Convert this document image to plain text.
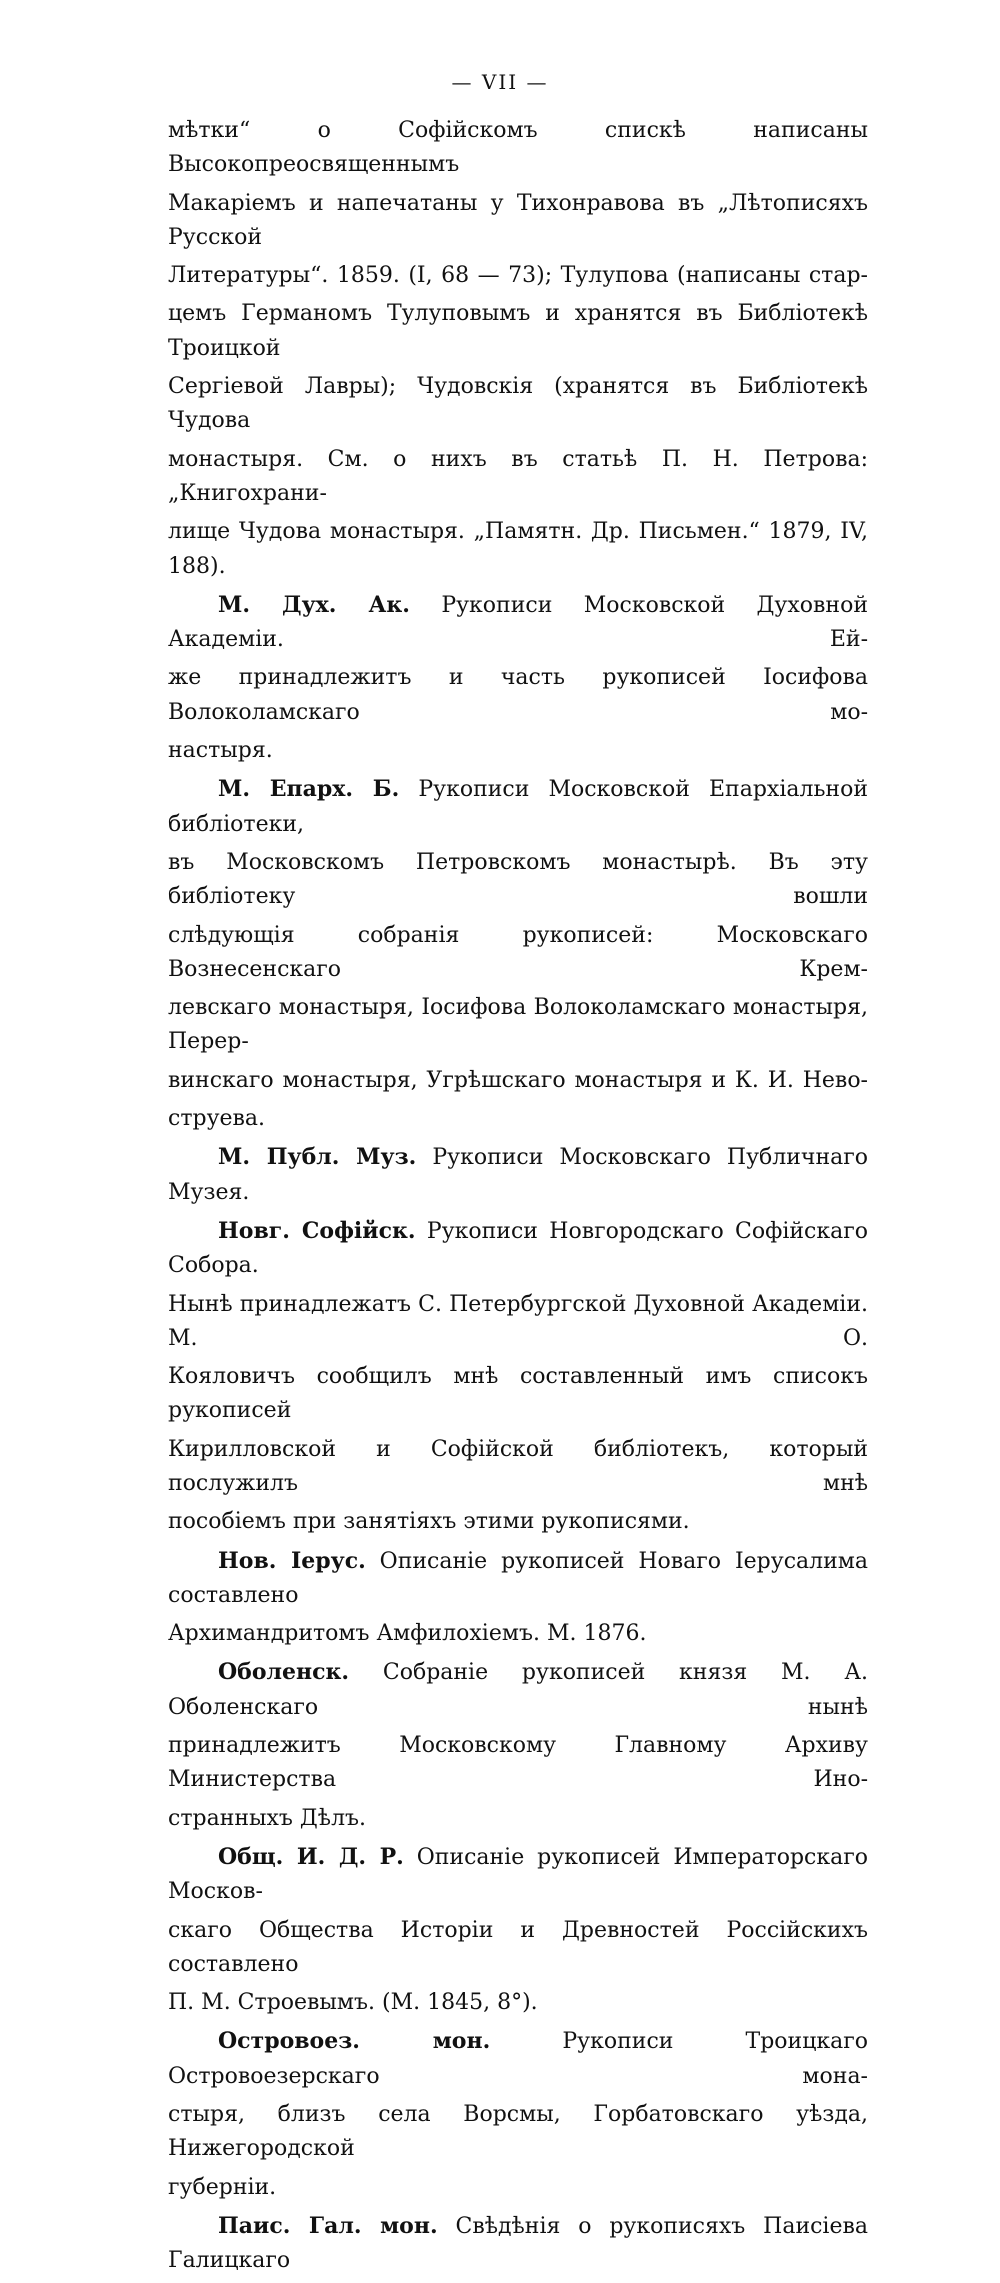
— VII —
мѣтки“ о Софійскомъ спискѣ написаны Высокопреосвященнымъ
Макаріемъ и напечатаны у Тихонравова въ „Лѣтописяхъ Русской
Литературы“. 1859. (I, 68 — 73); Тулупова (написаны стар-
цемъ Германомъ Тулуповымъ и хранятся въ Библіотекѣ Троицкой
Сергіевой Лавры); Чудовскія (хранятся въ Библіотекѣ Чудова
монастыря. См. о нихъ въ статьѣ П. Н. Петрова: „Книгохрани-
лище Чудова монастыря. „Памятн. Др. Письмен.“ 1879, IV, 188).
М. Дух. Ак. Рукописи Московской Духовной Академіи. Ей-
же принадлежитъ и часть рукописей Іосифова Волоколамскаго мо-
настыря.
М. Епарх. Б. Рукописи Московской Епархіальной библіотеки,
въ Московскомъ Петровскомъ монастырѣ. Въ эту библіотеку вошли
слѣдующія собранія рукописей: Московскаго Вознесенскаго Крем-
левскаго монастыря, Іосифова Волоколамскаго монастыря, Перер-
винскаго монастыря, Угрѣшскаго монастыря и К. И. Нево-
струева.
М. Публ. Муз. Рукописи Московскаго Публичнаго Музея.
Новг. Софійск. Рукописи Новгородскаго Софійскаго Собора.
Нынѣ принадлежатъ С. Петербургской Духовной Академіи. М. О.
Кояловичъ сообщилъ мнѣ составленный имъ списокъ рукописей
Кирилловской и Софійской библіотекъ, который послужилъ мнѣ
пособіемъ при занятіяхъ этими рукописями.
Нов. Іерус. Описаніе рукописей Новаго Іерусалима составлено
Архимандритомъ Амфилохіемъ. М. 1876.
Оболенск. Собраніе рукописей князя М. А. Оболенскаго нынѣ
принадлежитъ Московскому Главному Архиву Министерства Ино-
странныхъ Дѣлъ.
Общ. И. Д. Р. Описаніе рукописей Императорскаго Москов-
скаго Общества Исторіи и Древностей Россійскихъ составлено
П. М. Строевымъ. (М. 1845, 8°).
Островоез. мон. Рукописи Троицкаго Островоезерскаго мона-
стыря, близъ села Ворсмы, Горбатовскаго уѣзда, Нижегородской
губерніи.
Паис. Гал. мон. Свѣдѣнія о рукописяхъ Паисіева Галицкаго
